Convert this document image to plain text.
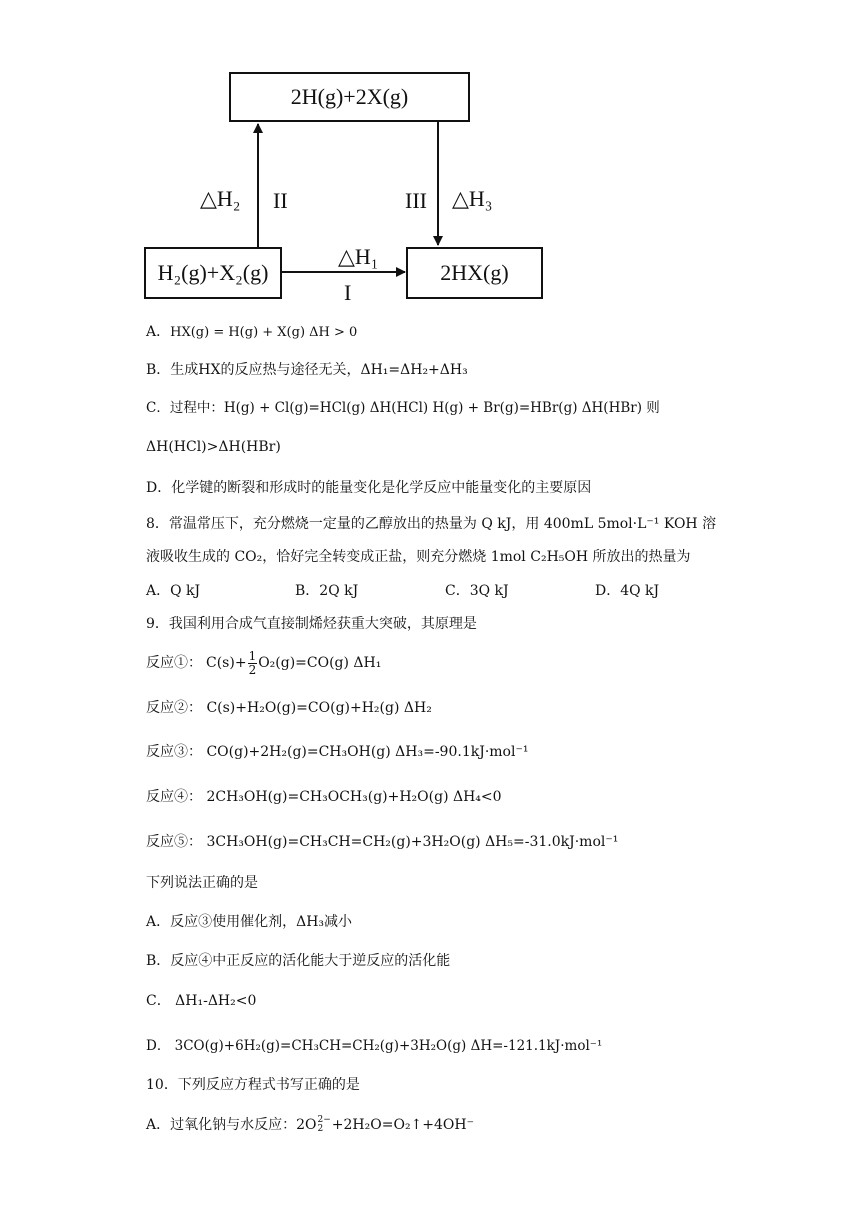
2H(g)+2X(g)
H₂(g)+X₂(g)	2HX(g)
△H₂ II	III △H₃
△H₁
I
A．HX(g) = H(g) + X(g) ΔH > 0
B．生成HX的反应热与途径无关，ΔH₁=ΔH₂+ΔH₃
C．过程中：H(g) + Cl(g)=HCl(g) ΔH(HCl) H(g) + Br(g)=HBr(g) ΔH(HBr) 则
ΔH(HCl)>ΔH(HBr)
D．化学键的断裂和形成时的能量变化是化学反应中能量变化的主要原因
8．常温常压下，充分燃烧一定量的乙醇放出的热量为 Q kJ，用 400mL 5mol·L⁻¹ KOH 溶
液吸收生成的 CO₂，恰好完全转变成正盐，则充分燃烧 1mol C₂H₅OH 所放出的热量为
A．Q kJ	B．2Q kJ	C．3Q kJ	D．4Q kJ
9．我国利用合成气直接制烯烃获重大突破，其原理是
反应①： $C(s)+ \frac{1}{2} O_2(g)=CO(g)$ ΔH₁
反应②： C(s)+H₂O(g)=CO(g)+H₂(g) ΔH₂
反应③： CO(g)+2H₂(g)=CH₃OH(g) ΔH₃=-90.1kJ·mol⁻¹
反应④： 2CH₃OH(g)=CH₃OCH₃(g)+H₂O(g) ΔH₄<0
反应⑤： 3CH₃OH(g)=CH₃CH=CH₂(g)+3H₂O(g) ΔH₅=-31.0kJ·mol⁻¹
下列说法正确的是
A．反应③使用催化剂，ΔH₃减小
B．反应④中正反应的活化能大于逆反应的活化能
C． ΔH₁-ΔH₂<0
D． 3CO(g)+6H₂(g)=CH₃CH=CH₂(g)+3H₂O(g) ΔH=-121.1kJ·mol⁻¹
10．下列反应方程式书写正确的是
A．过氧化钠与水反应：2O 2−
2 +2H₂O=O₂↑+4OH⁻
